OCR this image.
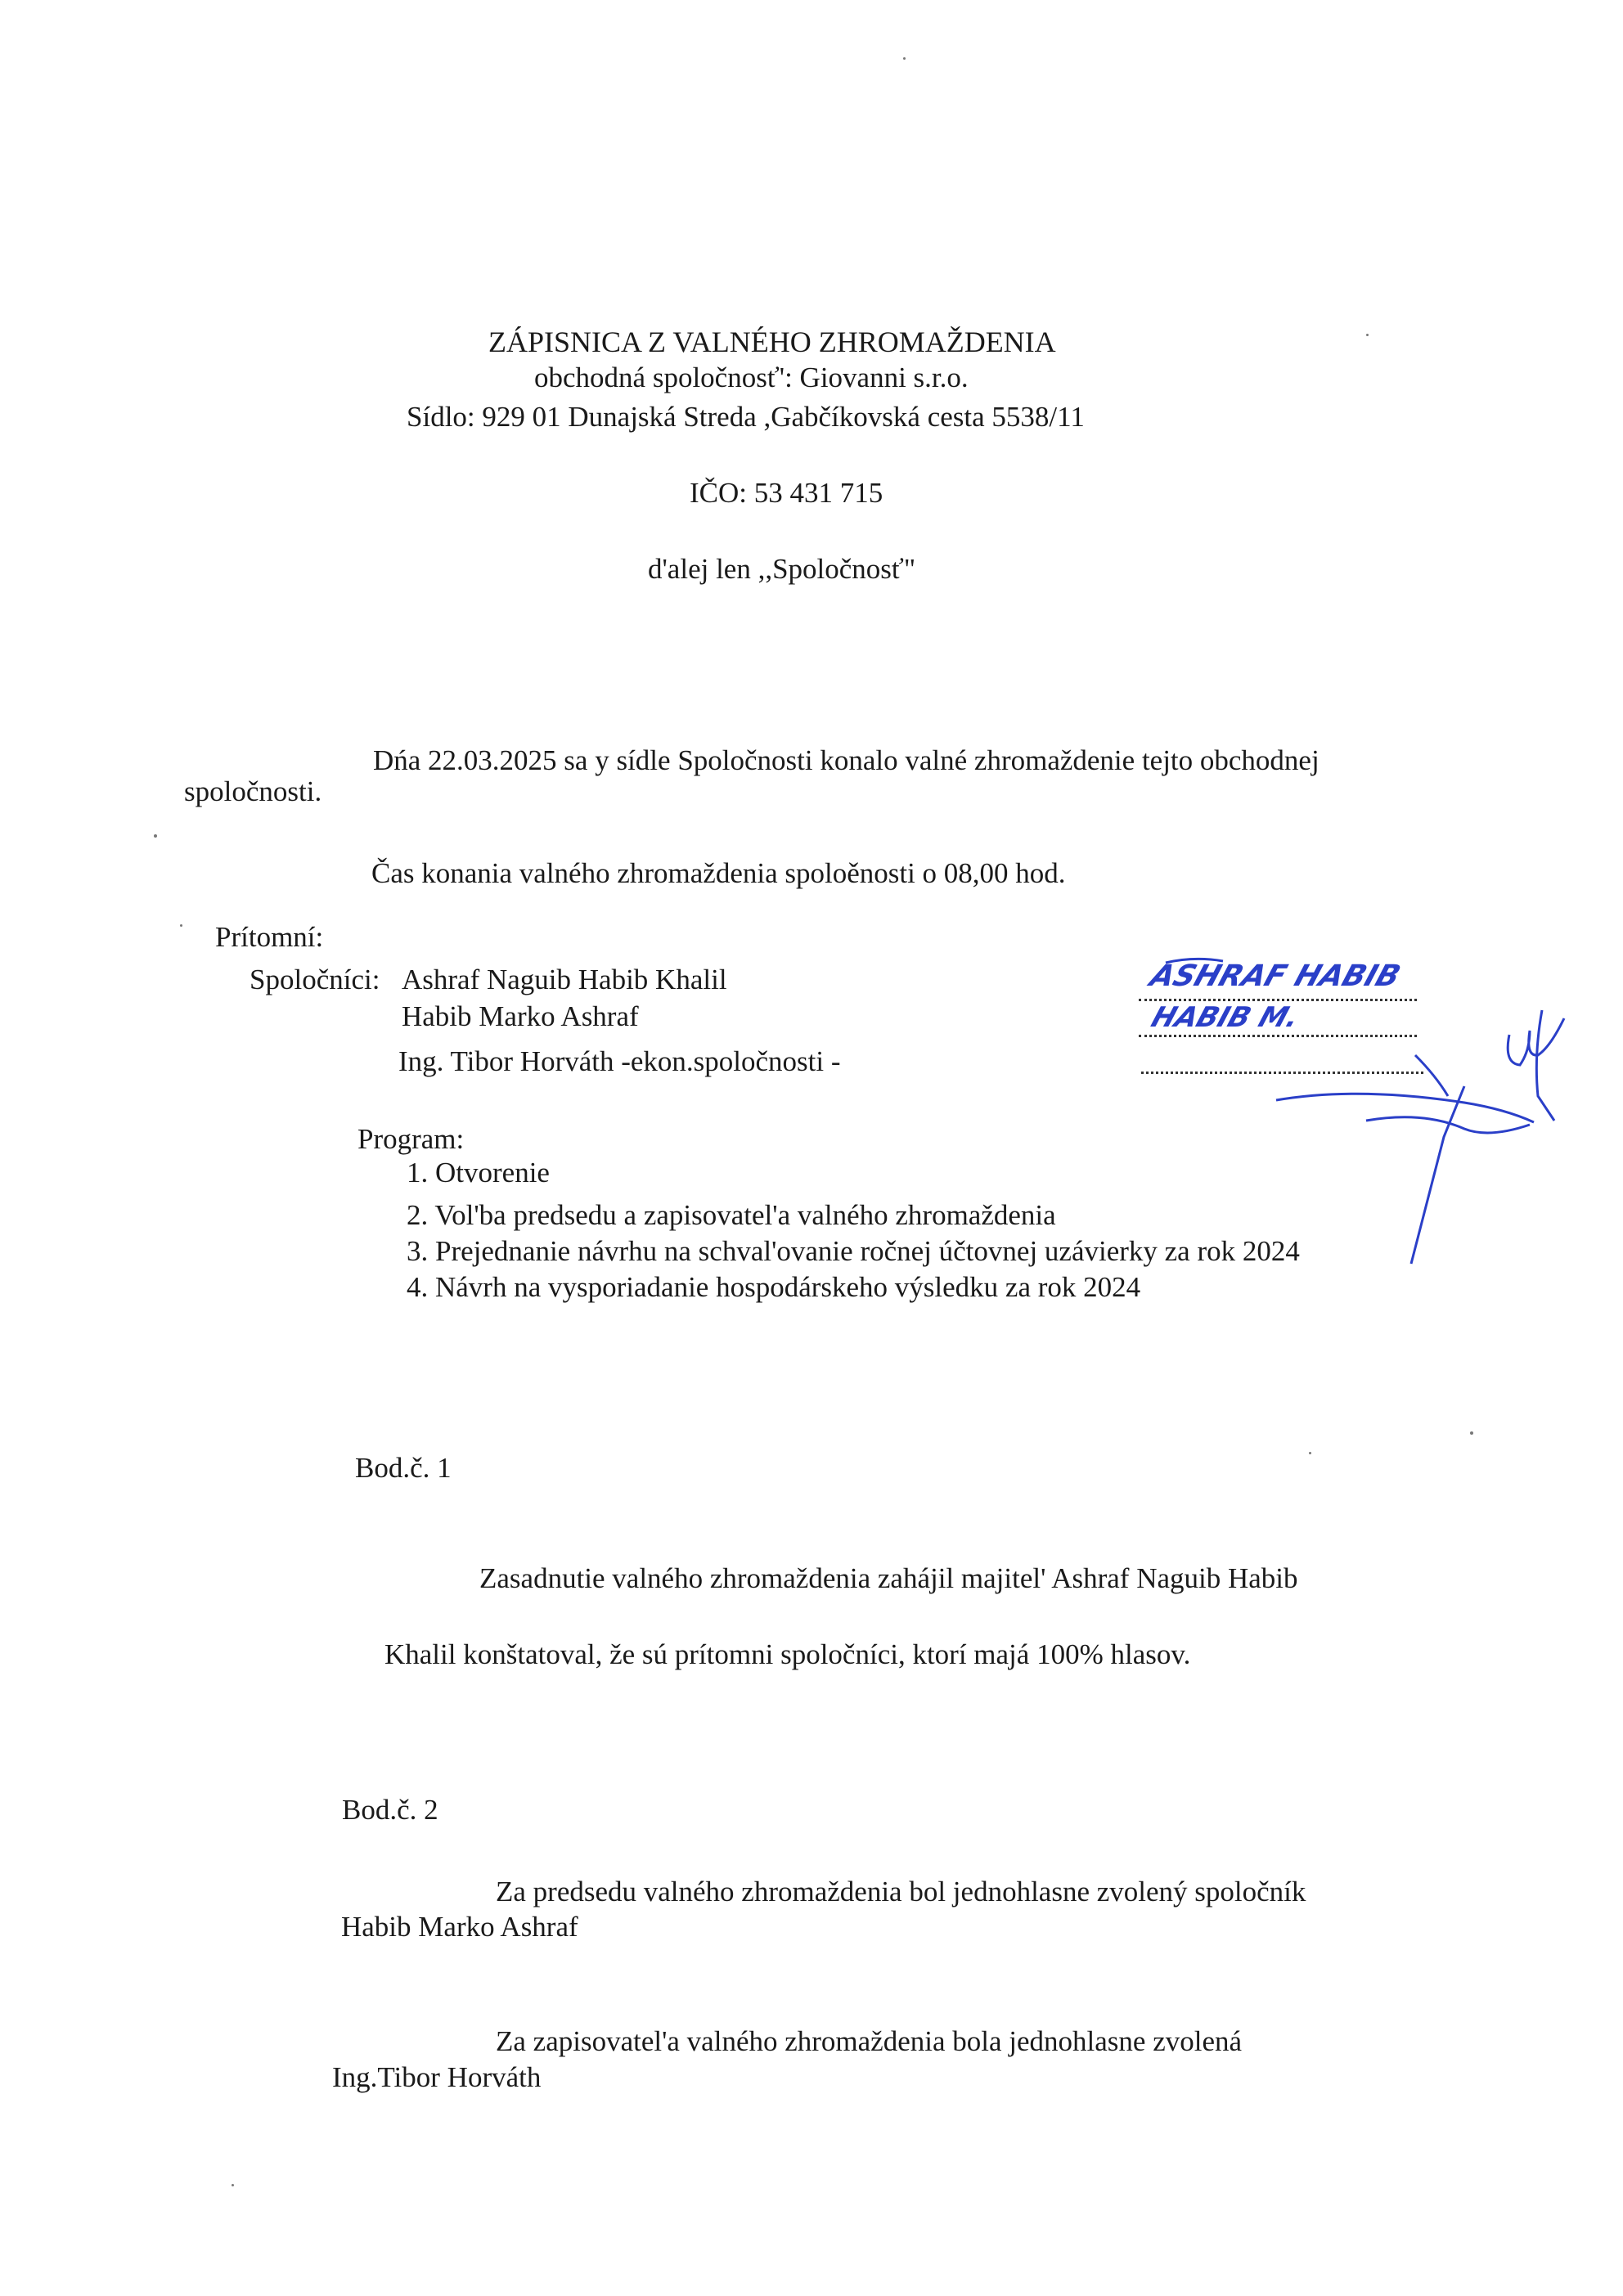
ZÁPISNICA Z VALNÉHO ZHROMAŽDENIA
obchodná spoločnosť': Giovanni s.r.o.
Sídlo: 929 01 Dunajská Streda ,Gabčíkovská cesta 5538/11
IČO: 53 431 715
d'alej len ,,Spoločnosť"
Dńa 22.03.2025 sa y sídle Spoločnosti konalo valné zhromaždenie tejto obchodnej
spoločnosti.
Čas konania valného zhromaždenia spoloěnosti o 08,00 hod.
Prítomní:
Spoločníci: Ashraf Naguib Habib Khalil
Habib Marko Ashraf
Ing. Tibor Horváth -ekon.spoločnosti -
ASHRAF HABIB
HABIB M.
Program:
1. Otvorenie
2. Vol'ba predsedu a zapisovatel'a valného zhromaždenia
3. Prejednanie návrhu na schval'ovanie ročnej účtovnej uzávierky za rok 2024
4. Návrh na vysporiadanie hospodárskeho výsledku za rok 2024
Bod.č. 1
Zasadnutie valného zhromaždenia zahájil majitel' Ashraf Naguib Habib
Khalil konštatoval, že sú prítomni spoločníci, ktorí majá 100% hlasov.
Bod.č. 2
Za predsedu valného zhromaždenia bol jednohlasne zvolený spoločník
Habib Marko Ashraf
Za zapisovatel'a valného zhromaždenia bola jednohlasne zvolená
Ing.Tibor Horváth
